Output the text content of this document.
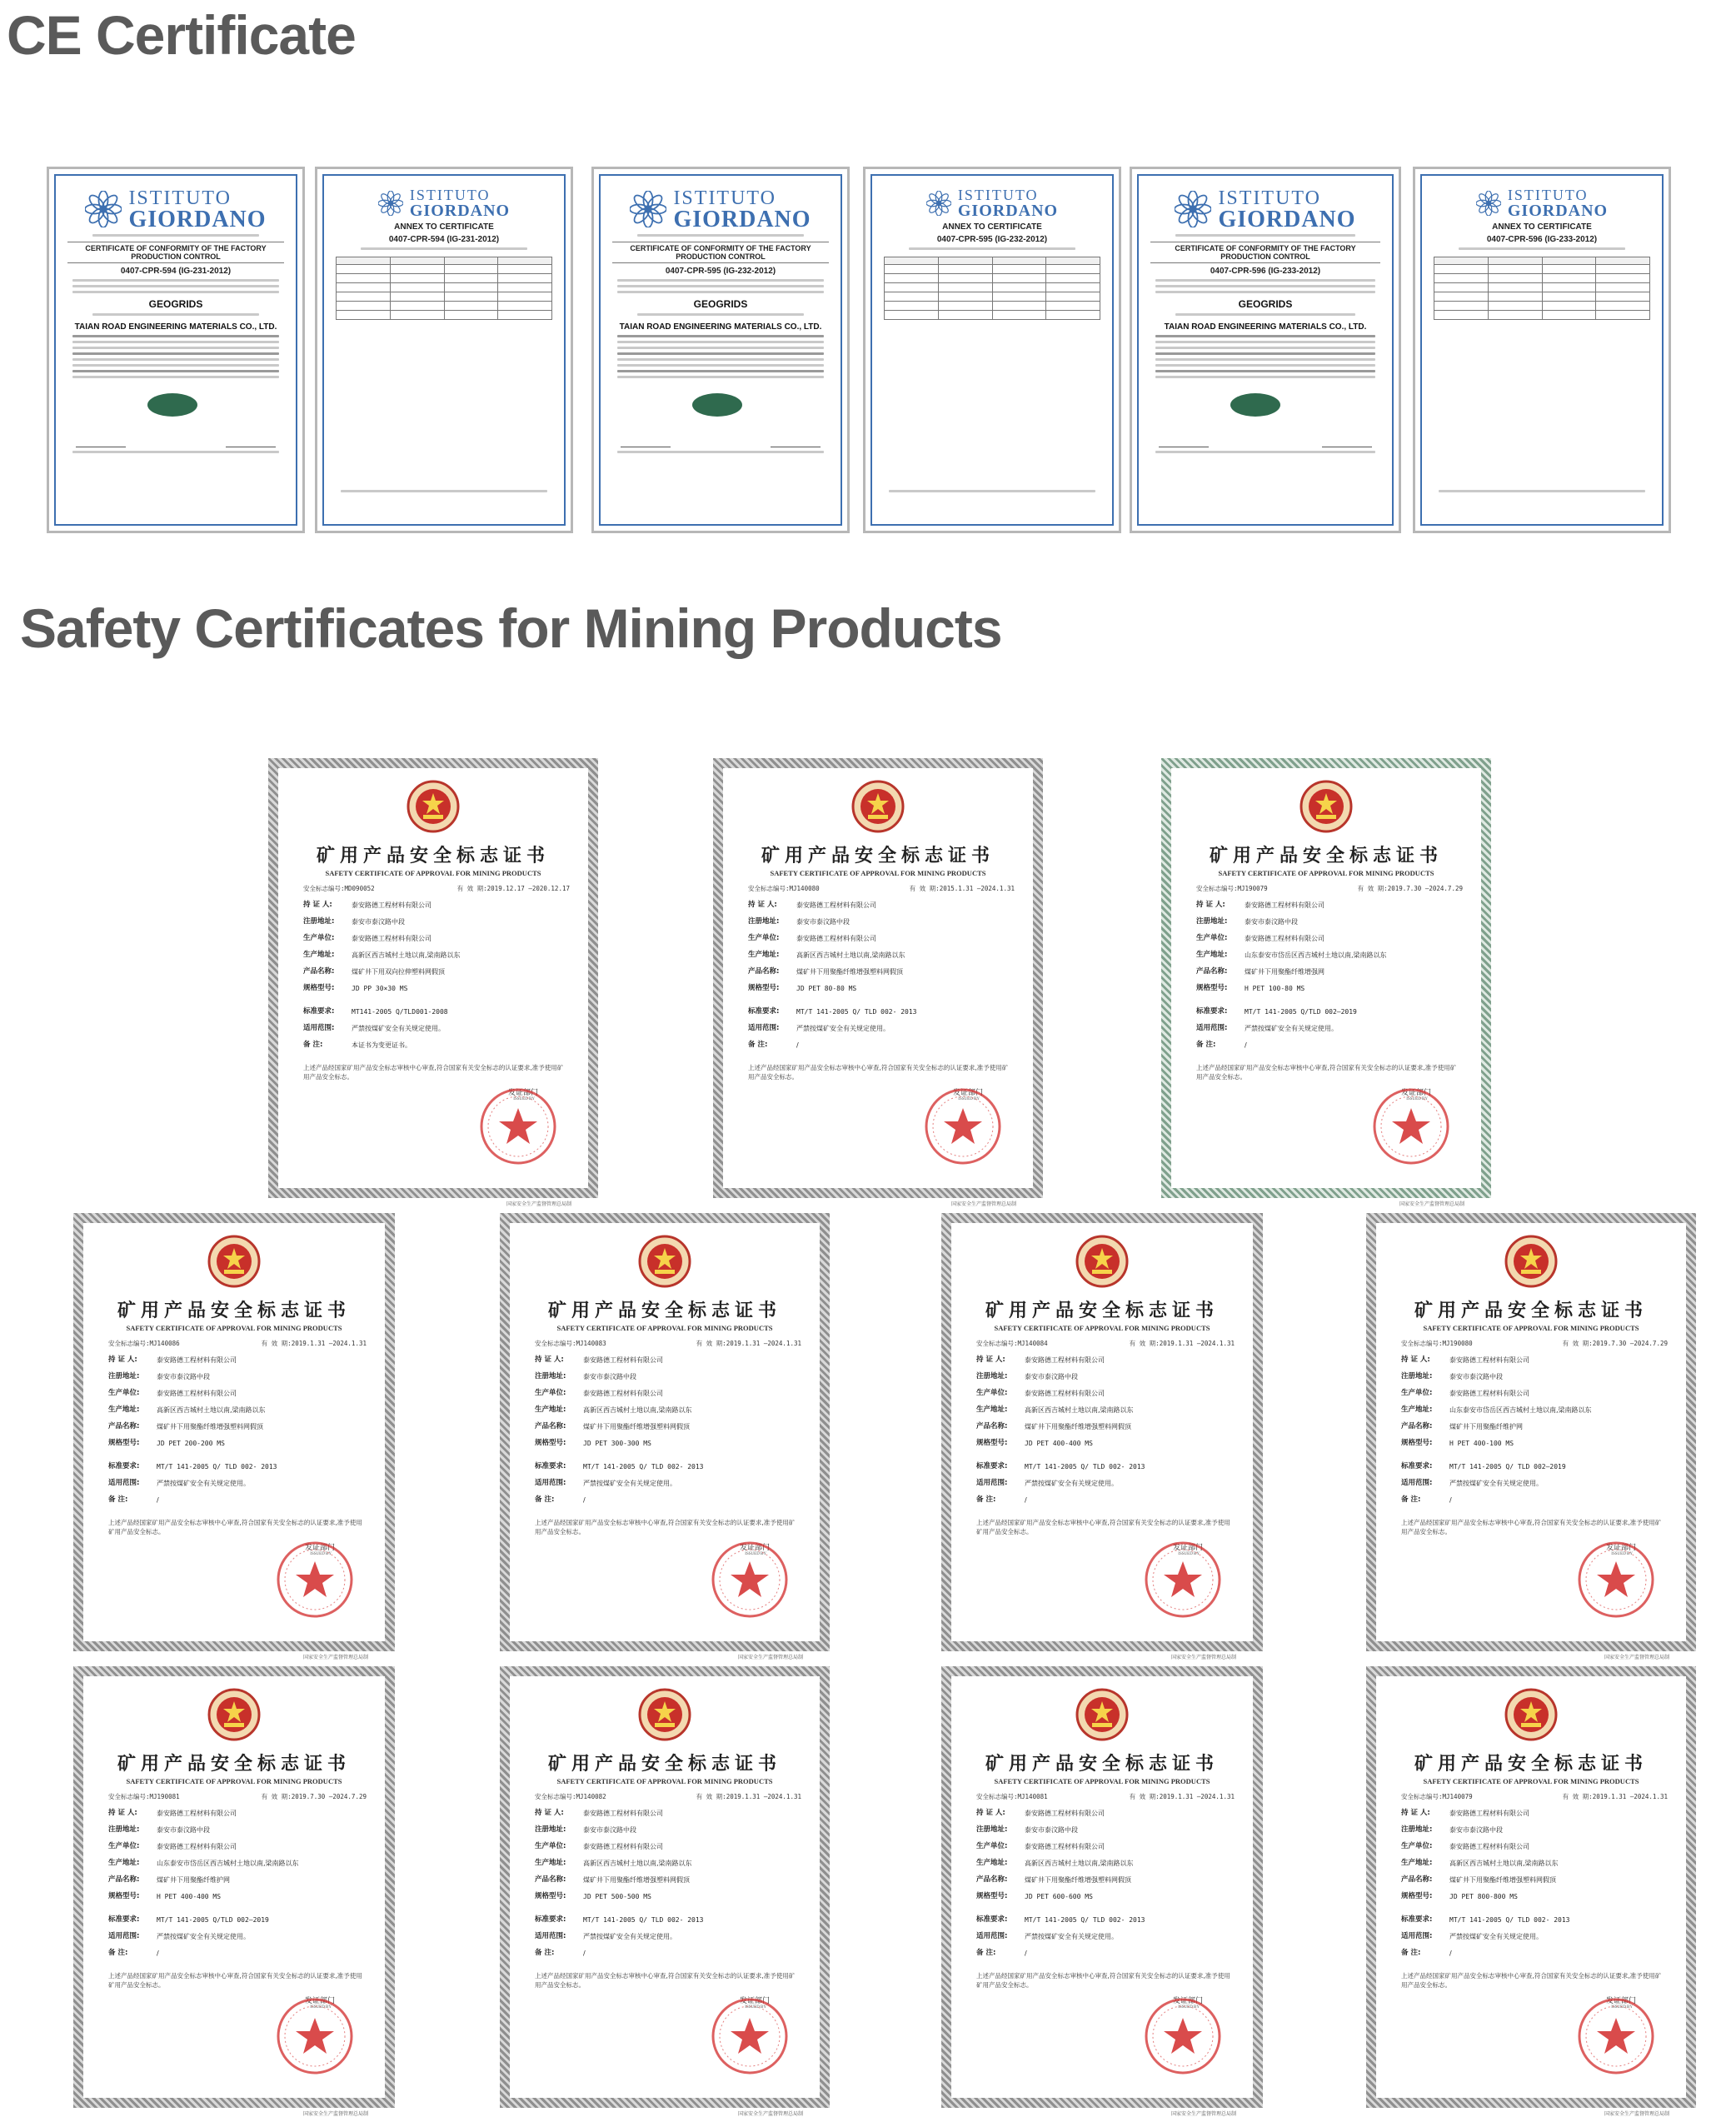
CE Certificate
ISTITUTO
GIORDANO
CERTIFICATE OF CONFORMITY OF THE FACTORY PRODUCTION CONTROL
0407-CPR-594 (IG-231-2012)
GEOGRIDS
TAIAN ROAD ENGINEERING MATERIALS CO., LTD.
ISTITUTO
GIORDANO
ANNEX TO CERTIFICATE
0407-CPR-594 (IG-231-2012)

ISTITUTO
GIORDANO
CERTIFICATE OF CONFORMITY OF THE FACTORY PRODUCTION CONTROL
0407-CPR-595 (IG-232-2012)
GEOGRIDS
TAIAN ROAD ENGINEERING MATERIALS CO., LTD.
ISTITUTO
GIORDANO
ANNEX TO CERTIFICATE
0407-CPR-595 (IG-232-2012)

ISTITUTO
GIORDANO
CERTIFICATE OF CONFORMITY OF THE FACTORY PRODUCTION CONTROL
0407-CPR-596 (IG-233-2012)
GEOGRIDS
TAIAN ROAD ENGINEERING MATERIALS CO., LTD.
ISTITUTO
GIORDANO
ANNEX TO CERTIFICATE
0407-CPR-596 (IG-233-2012)

Safety Certificates for Mining Products
矿用产品安全标志证书
SAFETY CERTIFICATE OF APPROVAL FOR MINING PRODUCTS
安全标志编号:MD090052	有 效 期:2019.12.17 —2020.12.17
持 证 人:	泰安路德工程材料有限公司
注册地址:	泰安市泰汶路中段
生产单位:	泰安路德工程材料有限公司
生产地址:	高新区西吉城村土地以南,梁南路以东
产品名称:	煤矿井下用双向拉伸塑料网假顶
规格型号:	JD PP 30×30 MS
标准要求:	MT141-2005 Q/TLD001-2008
适用范围:	严禁按煤矿安全有关规定使用。
备 注:	本证书为变更证书。
上述产品经国家矿用产品安全标志审核中心审查,符合国家有关安全标志的认证要求,准予使用矿用产品安全标志。
发证部门
ISSUED BY
国家安全生产监督管理总局制
矿用产品安全标志证书
SAFETY CERTIFICATE OF APPROVAL FOR MINING PRODUCTS
安全标志编号:MJ140080	有 效 期:2015.1.31 —2024.1.31
持 证 人:	泰安路德工程材料有限公司
注册地址:	泰安市泰汶路中段
生产单位:	泰安路德工程材料有限公司
生产地址:	高新区西吉城村土地以南,梁南路以东
产品名称:	煤矿井下用聚酯纤维增强塑料网假顶
规格型号:	JD PET 80-80 MS
标准要求:	MT/T 141-2005 Q/ TLD 002- 2013
适用范围:	严禁按煤矿安全有关规定使用。
备 注:	/
上述产品经国家矿用产品安全标志审核中心审查,符合国家有关安全标志的认证要求,准予使用矿用产品安全标志。
发证部门
ISSUED BY
国家安全生产监督管理总局制
矿用产品安全标志证书
SAFETY CERTIFICATE OF APPROVAL FOR MINING PRODUCTS
安全标志编号:MJ190079	有 效 期:2019.7.30 —2024.7.29
持 证 人:	泰安路德工程材料有限公司
注册地址:	泰安市泰汶路中段
生产单位:	泰安路德工程材料有限公司
生产地址:	山东泰安市岱岳区西吉城村土地以南,梁南路以东
产品名称:	煤矿井下用聚酯纤维增强网
规格型号:	H PET 100-80 MS
标准要求:	MT/T 141-2005 Q/TLD 002—2019
适用范围:	严禁按煤矿安全有关规定使用。
备 注:	/
上述产品经国家矿用产品安全标志审核中心审查,符合国家有关安全标志的认证要求,准予使用矿用产品安全标志。
发证部门
ISSUED BY
国家安全生产监督管理总局制
矿用产品安全标志证书
SAFETY CERTIFICATE OF APPROVAL FOR MINING PRODUCTS
安全标志编号:MJ140086	有 效 期:2019.1.31 —2024.1.31
持 证 人:	泰安路德工程材料有限公司
注册地址:	泰安市泰汶路中段
生产单位:	泰安路德工程材料有限公司
生产地址:	高新区西吉城村土地以南,梁南路以东
产品名称:	煤矿井下用聚酯纤维增强塑料网假顶
规格型号:	JD PET 200-200 MS
标准要求:	MT/T 141-2005 Q/ TLD 002- 2013
适用范围:	严禁按煤矿安全有关规定使用。
备 注:	/
上述产品经国家矿用产品安全标志审核中心审查,符合国家有关安全标志的认证要求,准予使用矿用产品安全标志。
发证部门
ISSUED BY
国家安全生产监督管理总局制
矿用产品安全标志证书
SAFETY CERTIFICATE OF APPROVAL FOR MINING PRODUCTS
安全标志编号:MJ140083	有 效 期:2019.1.31 —2024.1.31
持 证 人:	泰安路德工程材料有限公司
注册地址:	泰安市泰汶路中段
生产单位:	泰安路德工程材料有限公司
生产地址:	高新区西吉城村土地以南,梁南路以东
产品名称:	煤矿井下用聚酯纤维增强塑料网假顶
规格型号:	JD PET 300-300 MS
标准要求:	MT/T 141-2005 Q/ TLD 002- 2013
适用范围:	严禁按煤矿安全有关规定使用。
备 注:	/
上述产品经国家矿用产品安全标志审核中心审查,符合国家有关安全标志的认证要求,准予使用矿用产品安全标志。
发证部门
ISSUED BY
国家安全生产监督管理总局制
矿用产品安全标志证书
SAFETY CERTIFICATE OF APPROVAL FOR MINING PRODUCTS
安全标志编号:MJ140084	有 效 期:2019.1.31 —2024.1.31
持 证 人:	泰安路德工程材料有限公司
注册地址:	泰安市泰汶路中段
生产单位:	泰安路德工程材料有限公司
生产地址:	高新区西吉城村土地以南,梁南路以东
产品名称:	煤矿井下用聚酯纤维增强塑料网假顶
规格型号:	JD PET 400-400 MS
标准要求:	MT/T 141-2005 Q/ TLD 002- 2013
适用范围:	严禁按煤矿安全有关规定使用。
备 注:	/
上述产品经国家矿用产品安全标志审核中心审查,符合国家有关安全标志的认证要求,准予使用矿用产品安全标志。
发证部门
ISSUED BY
国家安全生产监督管理总局制
矿用产品安全标志证书
SAFETY CERTIFICATE OF APPROVAL FOR MINING PRODUCTS
安全标志编号:MJ190080	有 效 期:2019.7.30 —2024.7.29
持 证 人:	泰安路德工程材料有限公司
注册地址:	泰安市泰汶路中段
生产单位:	泰安路德工程材料有限公司
生产地址:	山东泰安市岱岳区西吉城村土地以南,梁南路以东
产品名称:	煤矿井下用聚酯纤维护网
规格型号:	H PET 400-100 MS
标准要求:	MT/T 141-2005 Q/ TLD 002—2019
适用范围:	严禁按煤矿安全有关规定使用。
备 注:	/
上述产品经国家矿用产品安全标志审核中心审查,符合国家有关安全标志的认证要求,准予使用矿用产品安全标志。
发证部门
ISSUED BY
国家安全生产监督管理总局制
矿用产品安全标志证书
SAFETY CERTIFICATE OF APPROVAL FOR MINING PRODUCTS
安全标志编号:MJ190081	有 效 期:2019.7.30 —2024.7.29
持 证 人:	泰安路德工程材料有限公司
注册地址:	泰安市泰汶路中段
生产单位:	泰安路德工程材料有限公司
生产地址:	山东泰安市岱岳区西吉城村土地以南,梁南路以东
产品名称:	煤矿井下用聚酯纤维护网
规格型号:	H PET 400-400 MS
标准要求:	MT/T 141-2005 Q/TLD 002—2019
适用范围:	严禁按煤矿安全有关规定使用。
备 注:	/
上述产品经国家矿用产品安全标志审核中心审查,符合国家有关安全标志的认证要求,准予使用矿用产品安全标志。
发证部门
ISSUED BY
国家安全生产监督管理总局制
矿用产品安全标志证书
SAFETY CERTIFICATE OF APPROVAL FOR MINING PRODUCTS
安全标志编号:MJ140082	有 效 期:2019.1.31 —2024.1.31
持 证 人:	泰安路德工程材料有限公司
注册地址:	泰安市泰汶路中段
生产单位:	泰安路德工程材料有限公司
生产地址:	高新区西吉城村土地以南,梁南路以东
产品名称:	煤矿井下用聚酯纤维增强塑料网假顶
规格型号:	JD PET 500-500 MS
标准要求:	MT/T 141-2005 Q/ TLD 002- 2013
适用范围:	严禁按煤矿安全有关规定使用。
备 注:	/
上述产品经国家矿用产品安全标志审核中心审查,符合国家有关安全标志的认证要求,准予使用矿用产品安全标志。
发证部门
ISSUED BY
国家安全生产监督管理总局制
矿用产品安全标志证书
SAFETY CERTIFICATE OF APPROVAL FOR MINING PRODUCTS
安全标志编号:MJ140081	有 效 期:2019.1.31 —2024.1.31
持 证 人:	泰安路德工程材料有限公司
注册地址:	泰安市泰汶路中段
生产单位:	泰安路德工程材料有限公司
生产地址:	高新区西吉城村土地以南,梁南路以东
产品名称:	煤矿井下用聚酯纤维增强塑料网假顶
规格型号:	JD PET 600-600 MS
标准要求:	MT/T 141-2005 Q/ TLD 002- 2013
适用范围:	严禁按煤矿安全有关规定使用。
备 注:	/
上述产品经国家矿用产品安全标志审核中心审查,符合国家有关安全标志的认证要求,准予使用矿用产品安全标志。
发证部门
ISSUED BY
国家安全生产监督管理总局制
矿用产品安全标志证书
SAFETY CERTIFICATE OF APPROVAL FOR MINING PRODUCTS
安全标志编号:MJ140079	有 效 期:2019.1.31 —2024.1.31
持 证 人:	泰安路德工程材料有限公司
注册地址:	泰安市泰汶路中段
生产单位:	泰安路德工程材料有限公司
生产地址:	高新区西吉城村土地以南,梁南路以东
产品名称:	煤矿井下用聚酯纤维增强塑料网假顶
规格型号:	JD PET 800-800 MS
标准要求:	MT/T 141-2005 Q/ TLD 002- 2013
适用范围:	严禁按煤矿安全有关规定使用。
备 注:	/
上述产品经国家矿用产品安全标志审核中心审查,符合国家有关安全标志的认证要求,准予使用矿用产品安全标志。
发证部门
ISSUED BY
国家安全生产监督管理总局制
